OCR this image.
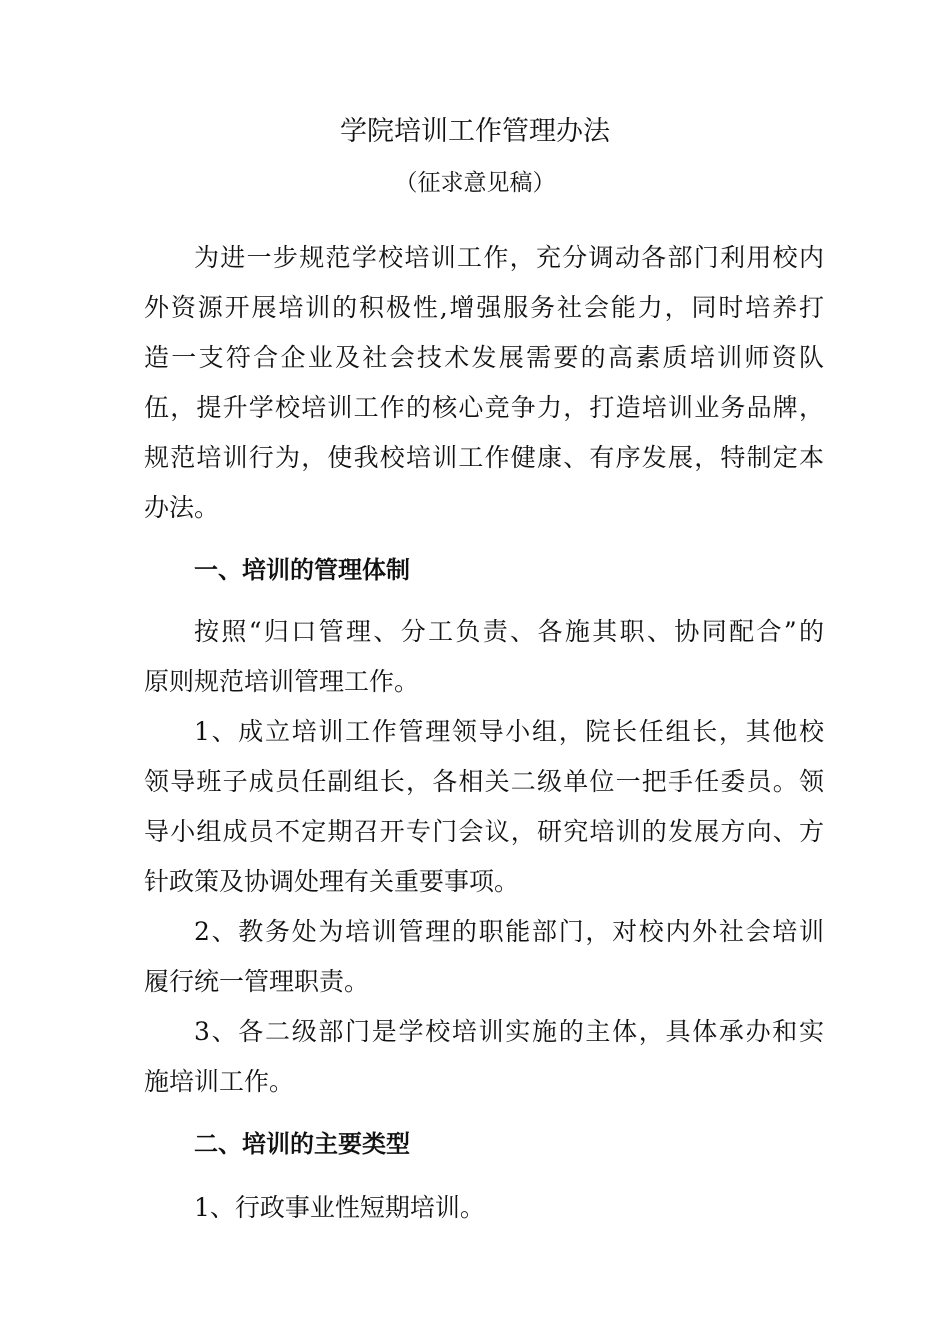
学院培训工作管理办法
（征求意见稿）
为进一步规范学校培训工作，充分调动各部门利用校内
外资源开展培训的积极性,增强服务社会能力，同时培养打
造一支符合企业及社会技术发展需要的高素质培训师资队
伍，提升学校培训工作的核心竞争力，打造培训业务品牌，
规范培训行为，使我校培训工作健康、有序发展，特制定本
办法。
一、培训的管理体制
按照“归口管理、分工负责、各施其职、协同配合”的
原则规范培训管理工作。
1、成立培训工作管理领导小组，院长任组长，其他校
领导班子成员任副组长，各相关二级单位一把手任委员。领
导小组成员不定期召开专门会议，研究培训的发展方向、方
针政策及协调处理有关重要事项。
2、教务处为培训管理的职能部门，对校内外社会培训
履行统一管理职责。
3、各二级部门是学校培训实施的主体，具体承办和实
施培训工作。
二、培训的主要类型
1、行政事业性短期培训。
